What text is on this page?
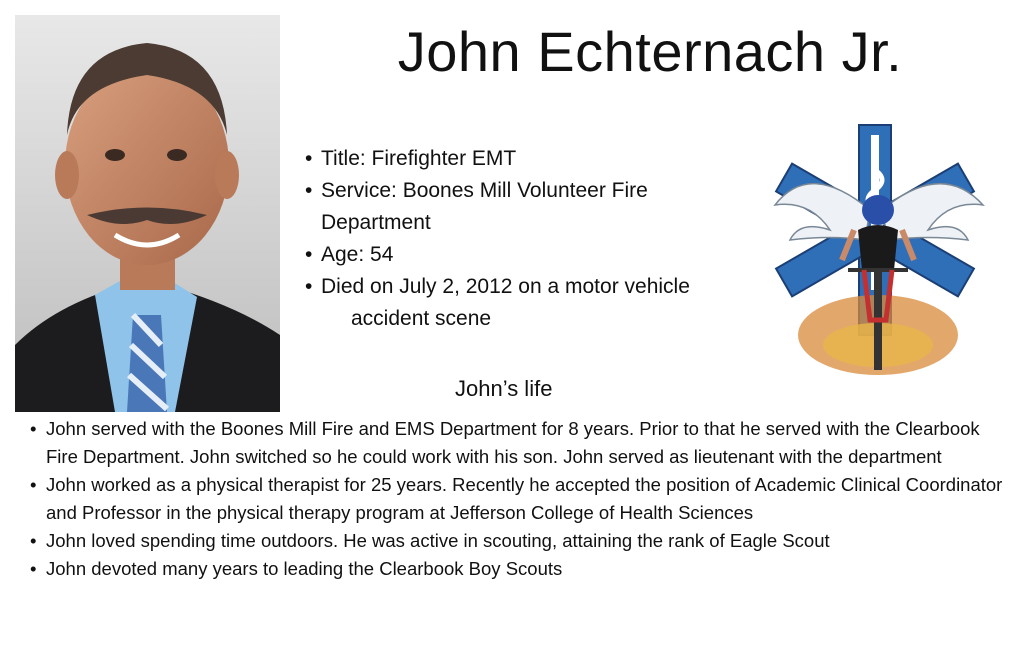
John Echternach Jr.
• Title: Firefighter EMT
• Service: Boones Mill Volunteer Fire
Department
• Age: 54
• Died on July 2, 2012 on a motor vehicle
accident scene
John’s life
• John served with the Boones Mill Fire and EMS Department for 8 years. Prior to that he served with the Clearbook Fire Department. John switched so he could work with his son. John served as lieutenant with the department
• John worked as a physical therapist for 25 years. Recently he accepted the position of Academic Clinical Coordinator and Professor in the physical therapy program at Jefferson College of Health Sciences
• John loved spending time outdoors. He was active in scouting, attaining the rank of Eagle Scout
• John devoted many years to leading the Clearbook Boy Scouts
